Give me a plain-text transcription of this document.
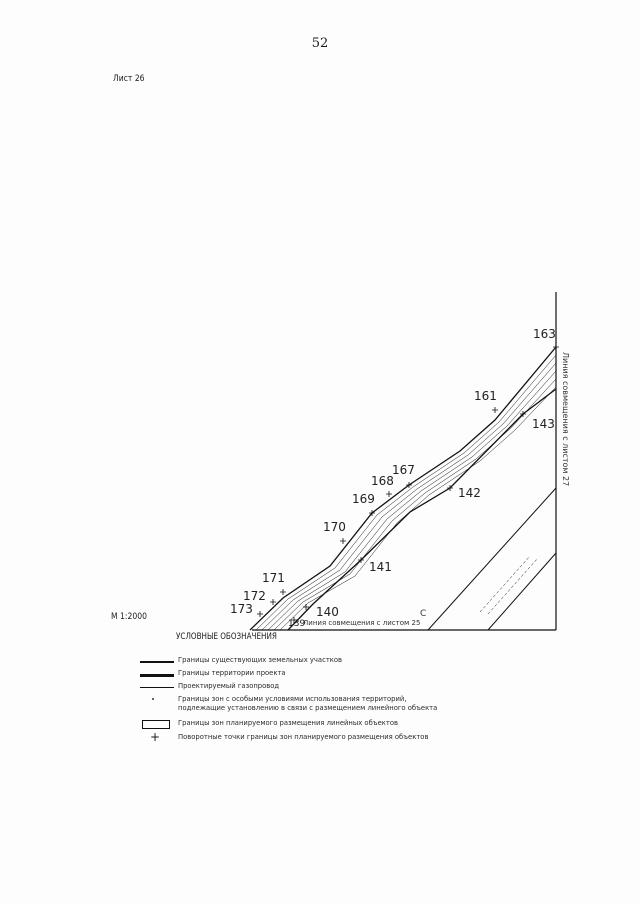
52
Лист 26
М 1:2000
163
161
143
167
168
169	142
170
141
171
172
173	140
139
Линия совмещения с листом 27
Линия совмещения с листом 25
С
УСЛОВНЫЕ ОБОЗНАЧЕНИЯ
Границы существующих земельных участков
Границы территории проекта
Проектируемый газопровод
Границы зон с особыми условиями использования территорий, подлежащие установлению в связи с размещением линейного объекта
Границы зон планируемого размещения линейных объектов
+	Поворотные точки границы зон планируемого размещения объектов
